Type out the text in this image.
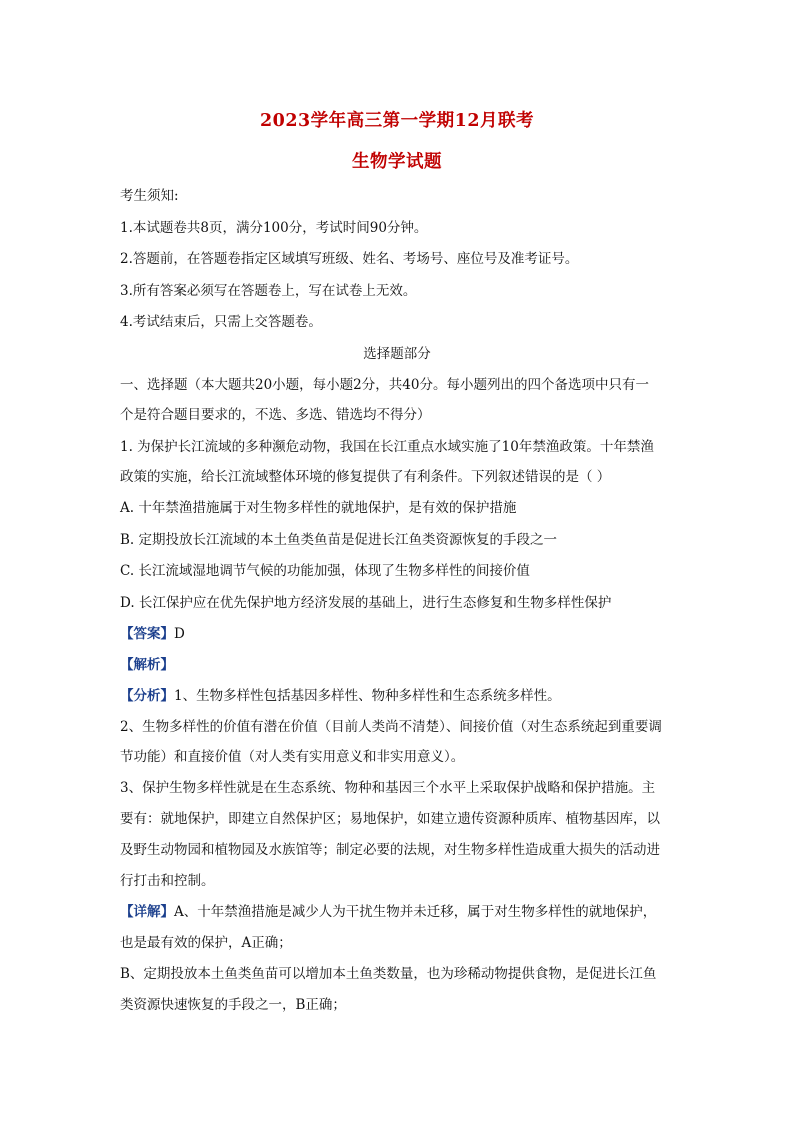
2023学年高三第一学期12月联考
生物学试题
考生须知:
1.本试题卷共8页，满分100分，考试时间90分钟。
2.答题前，在答题卷指定区域填写班级、姓名、考场号、座位号及准考证号。
3.所有答案必须写在答题卷上，写在试卷上无效。
4.考试结束后，只需上交答题卷。
选择题部分
一、选择题（本大题共20小题，每小题2分，共40分。每小题列出的四个备选项中只有一
个是符合题目要求的，不选、多选、错选均不得分）
1. 为保护长江流域的多种濒危动物，我国在长江重点水域实施了10年禁渔政策。十年禁渔
政策的实施，给长江流域整体环境的修复提供了有利条件。下列叙述错误的是（ ）
A. 十年禁渔措施属于对生物多样性的就地保护，是有效的保护措施
B. 定期投放长江流域的本土鱼类鱼苗是促进长江鱼类资源恢复的手段之一
C. 长江流域湿地调节气候的功能加强，体现了生物多样性的间接价值
D. 长江保护应在优先保护地方经济发展的基础上，进行生态修复和生物多样性保护
【答案】D
【解析】
【分析】1、生物多样性包括基因多样性、物种多样性和生态系统多样性。
2、生物多样性的价值有潜在价值（目前人类尚不清楚）、间接价值（对生态系统起到重要调
节功能）和直接价值（对人类有实用意义和非实用意义）。
3、保护生物多样性就是在生态系统、物种和基因三个水平上采取保护战略和保护措施。主
要有：就地保护，即建立自然保护区；易地保护，如建立遗传资源种质库、植物基因库，以
及野生动物园和植物园及水族馆等；制定必要的法规，对生物多样性造成重大损失的活动进
行打击和控制。
【详解】A、十年禁渔措施是减少人为干扰生物并未迁移，属于对生物多样性的就地保护，
也是最有效的保护，A正确；
B、定期投放本土鱼类鱼苗可以增加本土鱼类数量，也为珍稀动物提供食物，是促进长江鱼
类资源快速恢复的手段之一，B正确；
